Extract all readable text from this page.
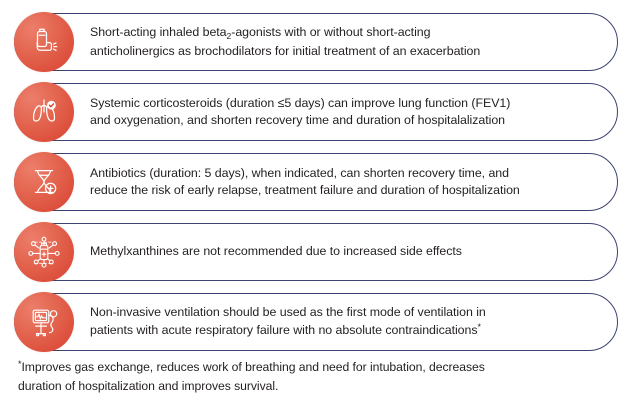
Short-acting inhaled beta$_2$-agonists with or without short-acting
anticholinergics as brochodilators for initial treatment of an exacerbation
Systemic corticosteroids (duration ≤5 days) can improve lung function (FEV1)
and oxygenation, and shorten recovery time and duration of hospitalalization
Antibiotics (duration: 5 days), when indicated, can shorten recovery time, and
reduce the risk of early relapse, treatment failure and duration of hospitalization
Methylxanthines are not recommended due to increased side effects
Non-invasive ventilation should be used as the first mode of ventilation in
patients with acute respiratory failure with no absolute contraindications*
*Improves gas exchange, reduces work of breathing and need for intubation, decreases
duration of hospitalization and improves survival.
